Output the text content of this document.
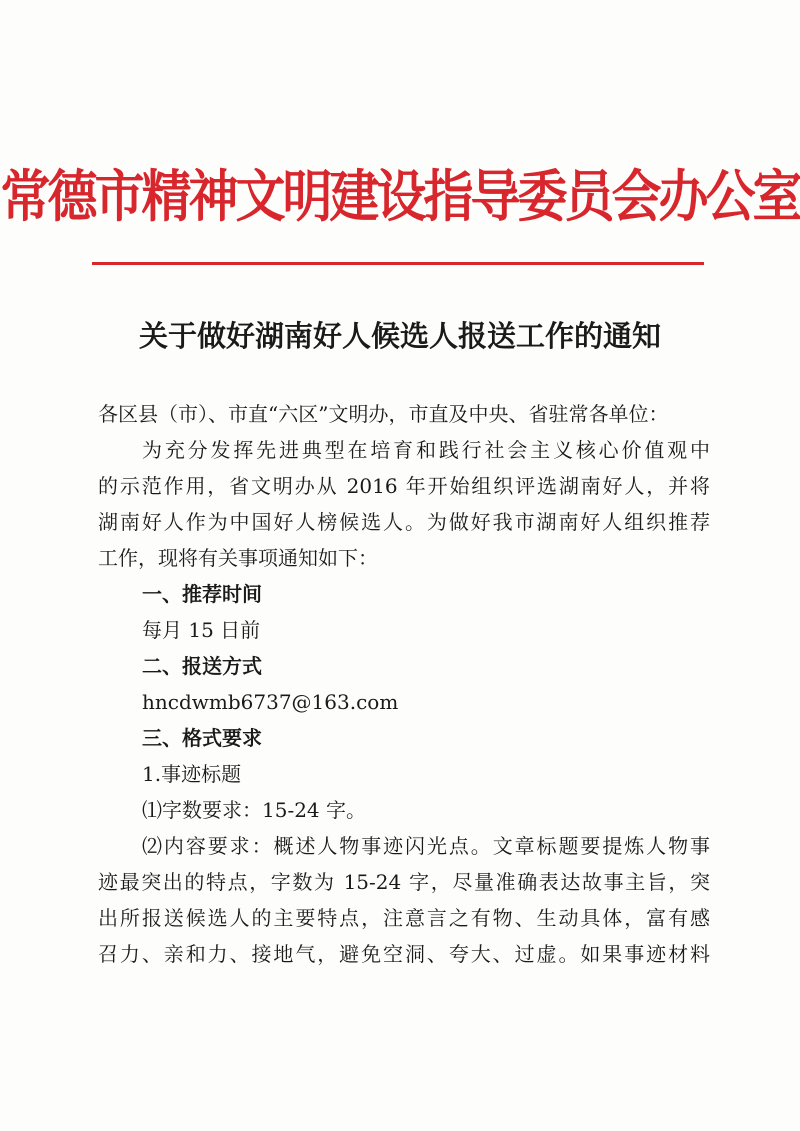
常德市精神文明建设指导委员会办公室
关于做好湖南好人候选人报送工作的通知
各区县（市）、市直“六区”文明办，市直及中央、省驻常各单位：
为充分发挥先进典型在培育和践行社会主义核心价值观中
的示范作用，省文明办从 2016 年开始组织评选湖南好人，并将
湖南好人作为中国好人榜候选人。为做好我市湖南好人组织推荐
工作，现将有关事项通知如下：
一、推荐时间
每月 15 日前
二、报送方式
hncdwmb6737@163.com
三、格式要求
1.事迹标题
⑴字数要求：15-24 字。
⑵内容要求：概述人物事迹闪光点。文章标题要提炼人物事
迹最突出的特点，字数为 15-24 字，尽量准确表达故事主旨，突
出所报送候选人的主要特点，注意言之有物、生动具体，富有感
召力、亲和力、接地气，避免空洞、夸大、过虚。如果事迹材料
